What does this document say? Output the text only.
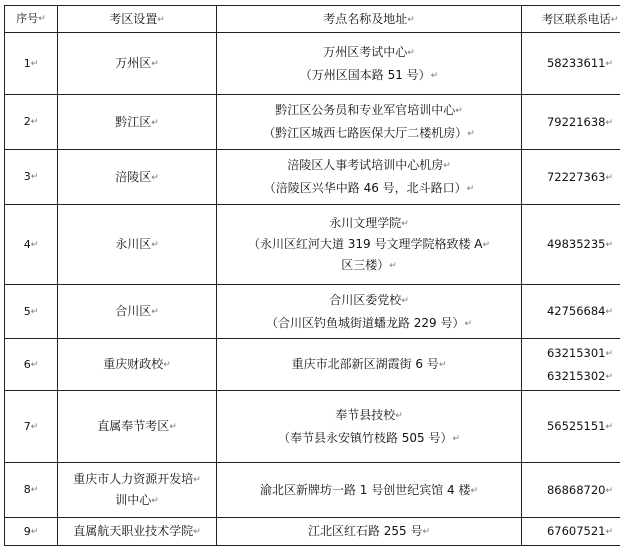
序号↵	考区设置↵	考点名称及地址↵	考区联系电话↵

1↵	万州区↵	万州区考试中心↵
（万州区国本路 51 号）↵	58233611↵

2↵	黔江区↵	黔江区公务员和专业军官培训中心↵
（黔江区城西七路医保大厅二楼机房）↵	79221638↵

3↵	涪陵区↵	涪陵区人事考试培训中心机房↵
（涪陵区兴华中路 46 号，北斗路口）↵	72227363↵

4↵	永川区↵	永川文理学院↵
（永川区红河大道 319 号文理学院格致楼 A↵
区三楼）↵	49835235↵

5↵	合川区↵	合川区委党校↵
（合川区钓鱼城街道蟠龙路 229 号）↵	42756684↵

6↵	重庆财政校↵	重庆市北部新区湖霞街 6 号↵	63215301↵
63215302↵

7↵	直属奉节考区↵	奉节县技校↵
（奉节县永安镇竹枝路 505 号）↵	56525151↵

8↵	重庆市人力资源开发培↵
训中心↵	渝北区新牌坊一路 1 号创世纪宾馆 4 楼↵	86868720↵

9↵	直属航天职业技术学院↵	江北区红石路 255 号↵	67607521↵
